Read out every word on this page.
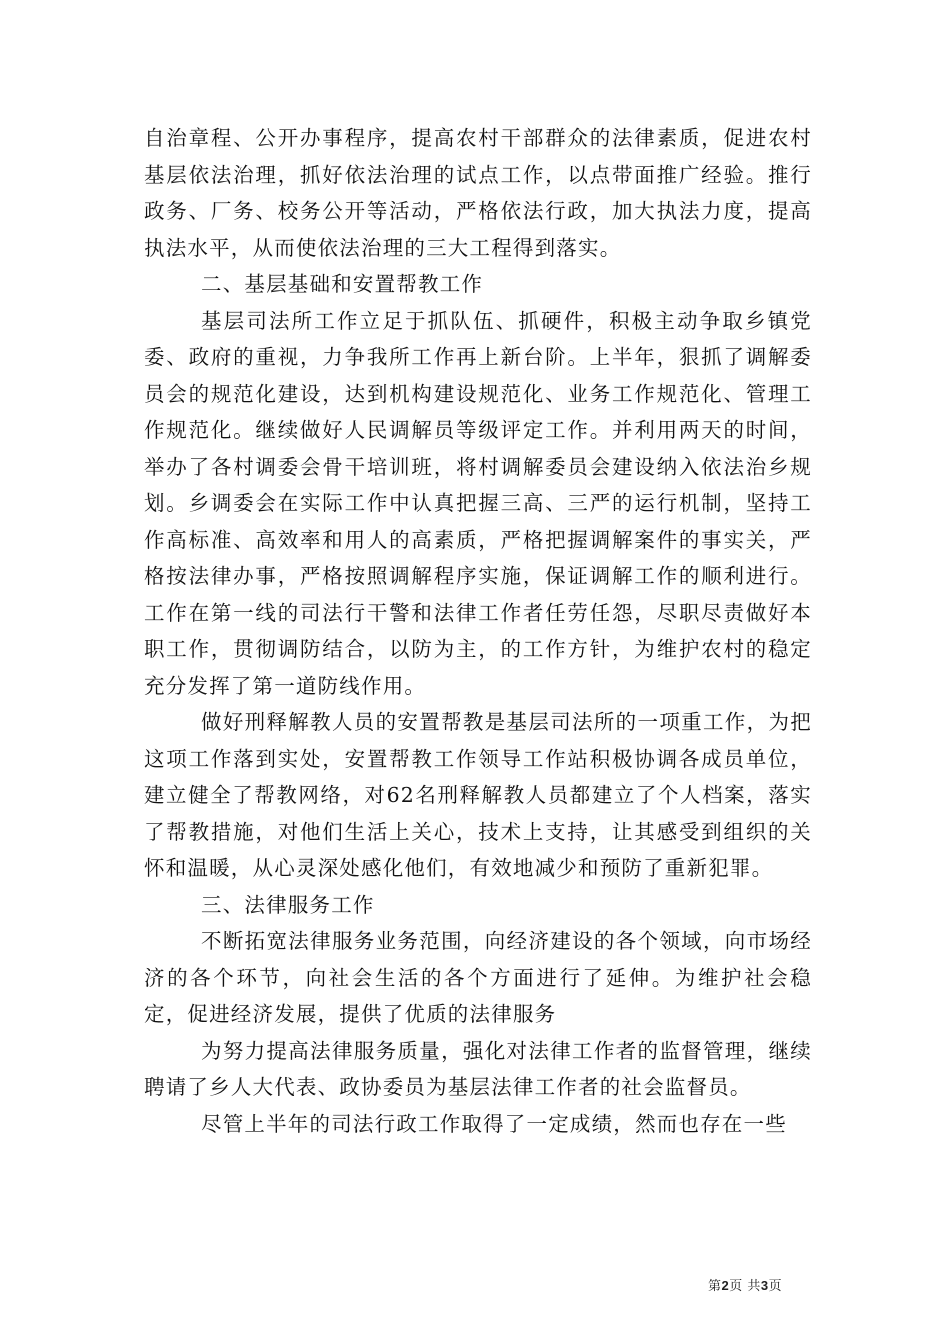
自治章程、公开办事程序，提高农村干部群众的法律素质，促进农村基层依法治理，抓好依法治理的试点工作，以点带面推广经验。推行政务、厂务、校务公开等活动，严格依法行政，加大执法力度，提高执法水平，从而使依法治理的三大工程得到落实。

二、基层基础和安置帮教工作

基层司法所工作立足于抓队伍、抓硬件，积极主动争取乡镇党委、政府的重视，力争我所工作再上新台阶。上半年，狠抓了调解委员会的规范化建设，达到机构建设规范化、业务工作规范化、管理工作规范化。继续做好人民调解员等级评定工作。并利用两天的时间，举办了各村调委会骨干培训班，将村调解委员会建设纳入依法治乡规划。乡调委会在实际工作中认真把握三高、三严的运行机制，坚持工作高标准、高效率和用人的高素质，严格把握调解案件的事实关，严格按法律办事，严格按照调解程序实施，保证调解工作的顺利进行。工作在第一线的司法行干警和法律工作者任劳任怨，尽职尽责做好本职工作，贯彻调防结合，以防为主，的工作方针，为维护农村的稳定充分发挥了第一道防线作用。

做好刑释解教人员的安置帮教是基层司法所的一项重工作，为把这项工作落到实处，安置帮教工作领导工作站积极协调各成员单位，建立健全了帮教网络，对62名刑释解教人员都建立了个人档案，落实了帮教措施，对他们生活上关心，技术上支持，让其感受到组织的关怀和温暖，从心灵深处感化他们，有效地减少和预防了重新犯罪。

三、法律服务工作

不断拓宽法律服务业务范围，向经济建设的各个领域，向市场经济的各个环节，向社会生活的各个方面进行了延伸。为维护社会稳定，促进经济发展，提供了优质的法律服务

为努力提高法律服务质量，强化对法律工作者的监督管理，继续聘请了乡人大代表、政协委员为基层法律工作者的社会监督员。

尽管上半年的司法行政工作取得了一定成绩，然而也存在一些

第2页 共3页
